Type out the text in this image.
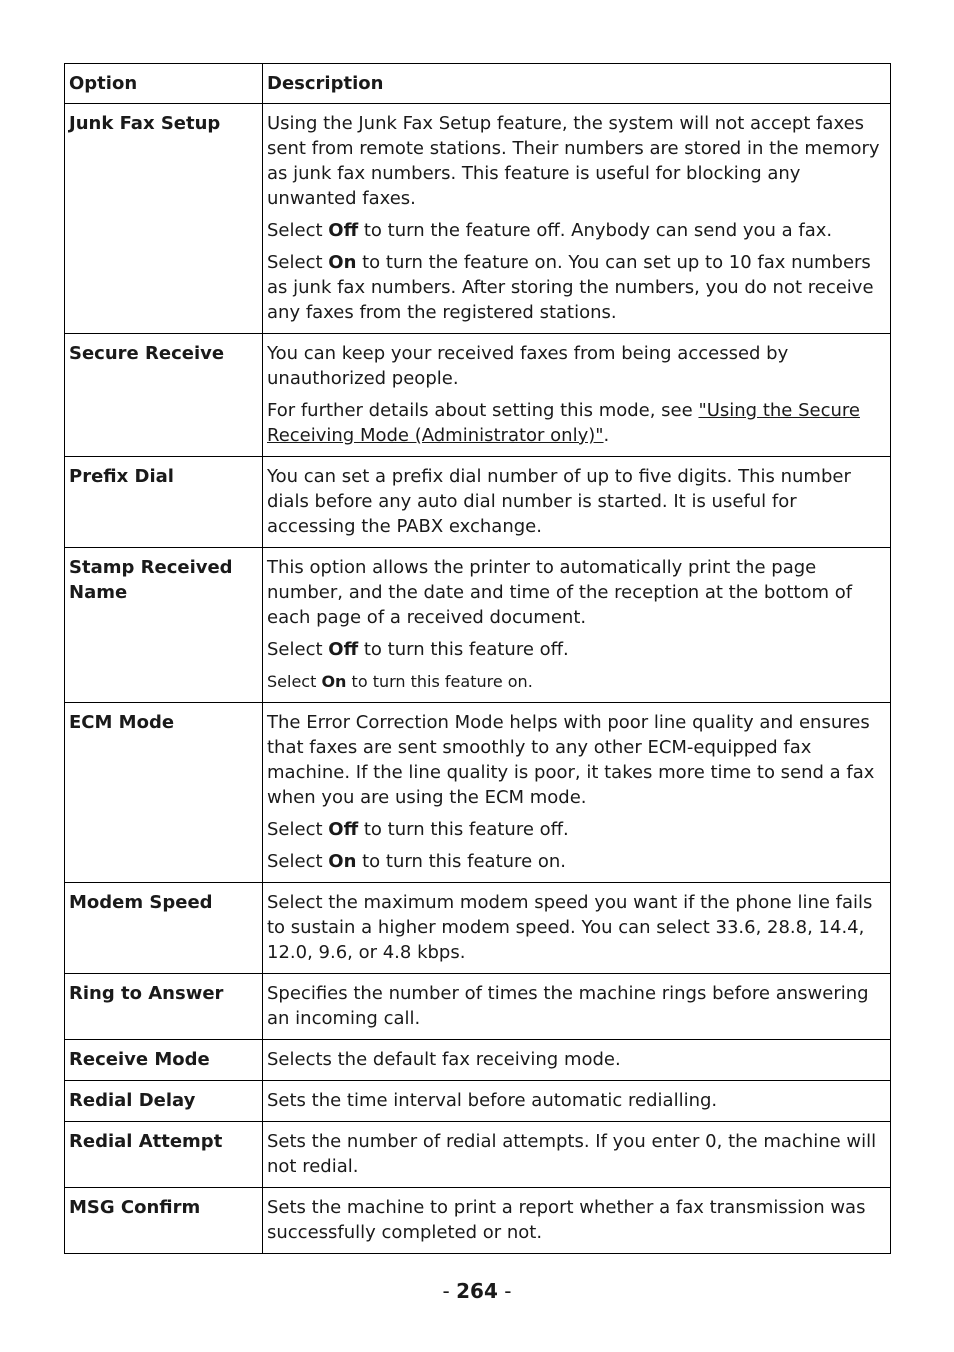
Option	Description
Junk Fax Setup	Using the Junk Fax Setup feature, the system will not accept faxes sent from remote stations. Their numbers are stored in the memory as junk fax numbers. This feature is useful for blocking any unwanted faxes.

Select Off to turn the feature off. Anybody can send you a fax.

Select On to turn the feature on. You can set up to 10 fax numbers as junk fax numbers. After storing the numbers, you do not receive any faxes from the registered stations.

Secure Receive	You can keep your received faxes from being accessed by unauthorized people.

For further details about setting this mode, see "Using the Secure Receiving Mode (Administrator only)".

Prefix Dial	You can set a prefix dial number of up to five digits. This number dials before any auto dial number is started. It is useful for accessing the PABX exchange.

Stamp Received Name	This option allows the printer to automatically print the page number, and the date and time of the reception at the bottom of each page of a received document.

Select Off to turn this feature off.

Select On to turn this feature on.

ECM Mode	The Error Correction Mode helps with poor line quality and ensures that faxes are sent smoothly to any other ECM-equipped fax machine. If the line quality is poor, it takes more time to send a fax when you are using the ECM mode.

Select Off to turn this feature off.

Select On to turn this feature on.

Modem Speed	Select the maximum modem speed you want if the phone line fails to sustain a higher modem speed. You can select 33.6, 28.8, 14.4, 12.0, 9.6, or 4.8 kbps.

Ring to Answer	Specifies the number of times the machine rings before answering an incoming call.

Receive Mode	Selects the default fax receiving mode.

Redial Delay	Sets the time interval before automatic redialling.

Redial Attempt	Sets the number of redial attempts. If you enter 0, the machine will not redial.

MSG Confirm	Sets the machine to print a report whether a fax transmission was successfully completed or not.

- 264 -
